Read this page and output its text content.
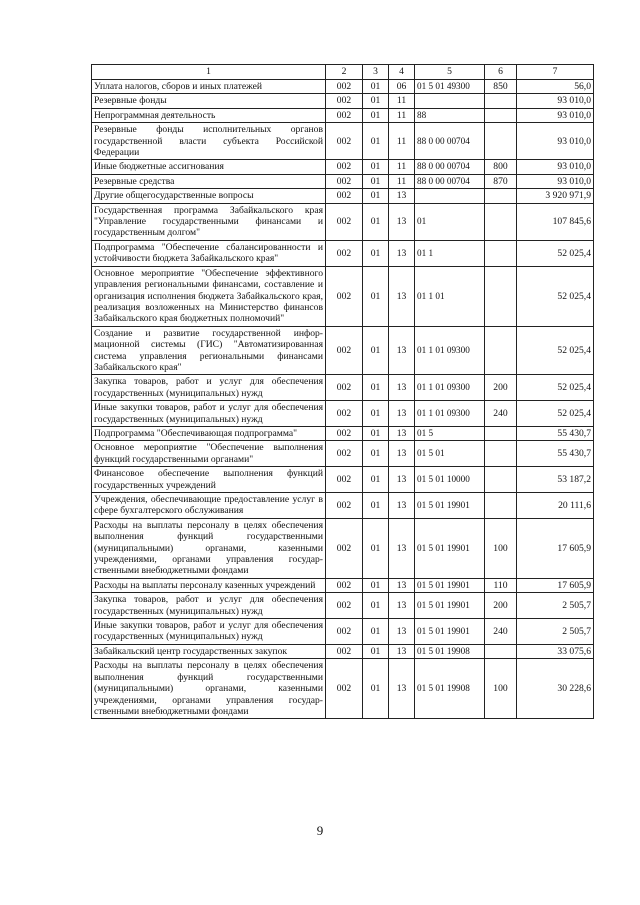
1	2	3	4	5	6	7
Уплата налогов, сборов и иных платежей	002	01	06	01 5 01 49300	850	56,0
Резервные фонды	002	01	11			93 010,0
Непрограммная деятельность	002	01	11	88		93 010,0
Резервные фонды исполнительных органов государственной власти субъекта Российской Федерации	002	01	11	88 0 00 00704		93 010,0
Иные бюджетные ассигнования	002	01	11	88 0 00 00704	800	93 010,0
Резервные средства	002	01	11	88 0 00 00704	870	93 010,0
Другие общегосударственные вопросы	002	01	13			3 920 971,9
Государственная программа Забайкальского края "Управление государственными финансами и государственным долгом"	002	01	13	01		107 845,6
Подпрограмма "Обеспечение сбалансированности и устойчивости бюджета Забайкальского края"	002	01	13	01 1		52 025,4
Основное мероприятие "Обеспечение эффективного управления региональными финансами, составление и организация исполнения бюджета Забайкальского края, реализация возложенных на Министерство финансов Забайкальского края бюджетных полномочий"	002	01	13	01 1 01		52 025,4
Создание и развитие государственной информационной системы (ГИС) "Автоматизированная система управления региональными финансами Забайкальского края"	002	01	13	01 1 01 09300		52 025,4
Закупка товаров, работ и услуг для обеспечения государственных (муниципальных) нужд	002	01	13	01 1 01 09300	200	52 025,4
Иные закупки товаров, работ и услуг для обеспечения государственных (муниципальных) нужд	002	01	13	01 1 01 09300	240	52 025,4
Подпрограмма "Обеспечивающая подпрограмма"	002	01	13	01 5		55 430,7
Основное мероприятие "Обеспечение выполнения функций государственными органами"	002	01	13	01 5 01		55 430,7
Финансовое обеспечение выполнения функций государственных учреждений	002	01	13	01 5 01 10000		53 187,2
Учреждения, обеспечивающие предоставление услуг в сфере бухгалтерского обслуживания	002	01	13	01 5 01 19901		20 111,6
Расходы на выплаты персоналу в целях обеспечения выполнения функций государственными (муниципальными) органами, казенными учреждениями, органами управления государственными внебюджетными фондами	002	01	13	01 5 01 19901	100	17 605,9
Расходы на выплаты персоналу казенных учреждений	002	01	13	01 5 01 19901	110	17 605,9
Закупка товаров, работ и услуг для обеспечения государственных (муниципальных) нужд	002	01	13	01 5 01 19901	200	2 505,7
Иные закупки товаров, работ и услуг для обеспечения государственных (муниципальных) нужд	002	01	13	01 5 01 19901	240	2 505,7
Забайкальский центр государственных закупок	002	01	13	01 5 01 19908		33 075,6
Расходы на выплаты персоналу в целях обеспечения выполнения функций государственными (муниципальными) органами, казенными учреждениями, органами управления государственными внебюджетными фондами	002	01	13	01 5 01 19908	100	30 228,6
9
